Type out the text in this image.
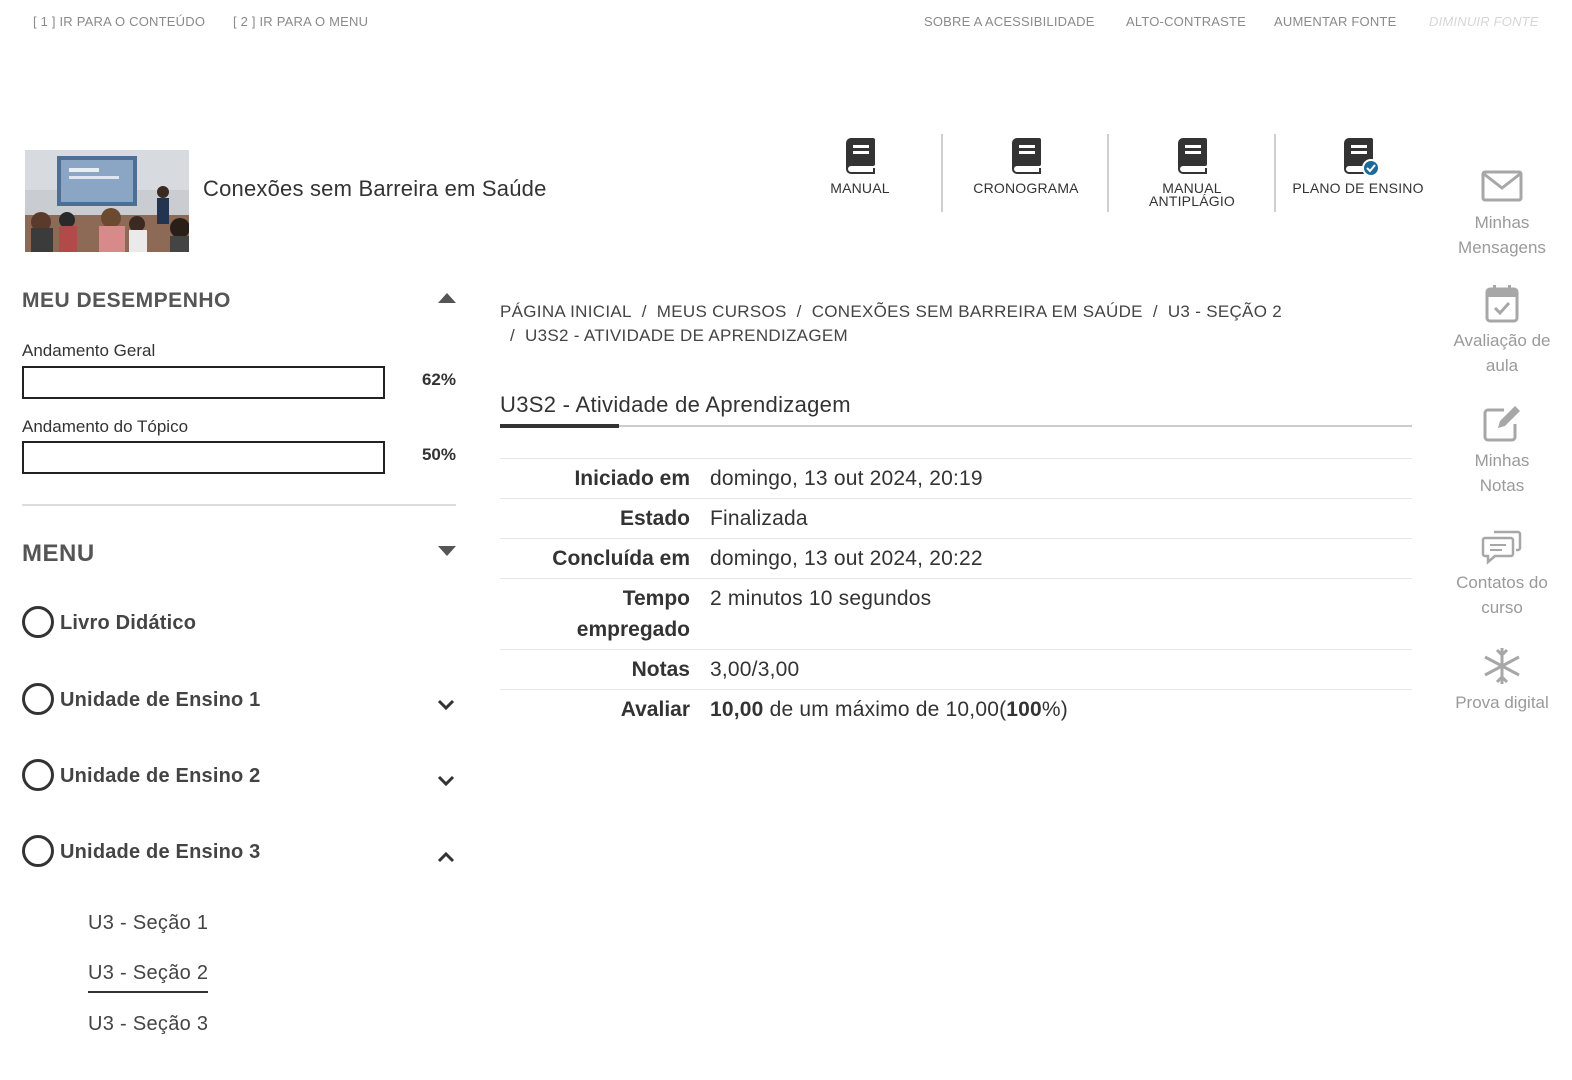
[ 1 ] IR PARA O CONTEÚDO [ 2 ] IR PARA O MENU	SOBRE A ACESSIBILIDADE ALTO-CONTRASTE AUMENTAR FONTE	DIMINUIR FONTE
Conexões sem Barreira em Saúde	MANUAL	CRONOGRAMA	MANUAL
ANTIPLÁGIO
PLANO DE ENSINO
Minhas
Mensagens
Avaliação de
aula
Minhas
Notas
Contatos do
curso
Prova digital
MEU DESEMPENHO
Andamento Geral
62%
Andamento do Tópico
50%
MENU
Livro Didático
Unidade de Ensino 1
Unidade de Ensino 2
Unidade de Ensino 3
U3 - Seção 1
U3 - Seção 2
U3 - Seção 3
PÁGINA INICIAL / MEUS CURSOS / CONEXÕES SEM BARREIRA EM SAÚDE / U3 - SEÇÃO 2
/ U3S2 - ATIVIDADE DE APRENDIZAGEM
U3S2 - Atividade de Aprendizagem
Iniciado em	domingo, 13 out 2024, 20:19
Estado	Finalizada
Concluída em	domingo, 13 out 2024, 20:22
Tempo
empregado	2 minutos 10 segundos
Notas	3,00/3,00
Avaliar	10,00 de um máximo de 10,00(100%)
